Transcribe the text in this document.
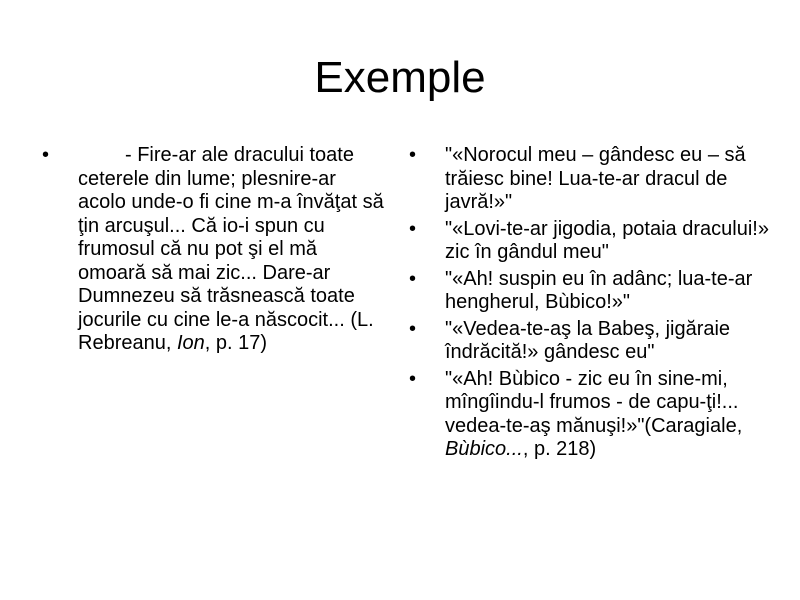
Exemple
•	- Fire-ar ale dracului toate ceterele din lume; plesnire-ar acolo unde-o fi cine m-a învăţat să ţin arcuşul... Că io-i spun cu frumosul că nu pot şi el mă omoară să mai zic... Dare-ar Dumnezeu să trăsnească toate jocurile cu cine le-a născocit... (L. Rebreanu, Ion, p. 17)
•	"«Norocul meu – gândesc eu – să trăiesc bine! Lua-te-ar dracul de javră!»"
•	"«Lovi-te-ar jigodia, potaia dracului!» zic în gândul meu"
•	"«Ah! suspin eu în adânc; lua-te-ar hengherul, Bùbico!»"
•	"«Vedea-te-aş la Babeş, jigăraie îndrăcită!» gândesc eu"
•	"«Ah! Bùbico - zic eu în sine-mi, mîngîindu-l frumos - de capu-ţi!... vedea-te-aş mănuşi!»"(Caragiale, Bùbico..., p. 218)
